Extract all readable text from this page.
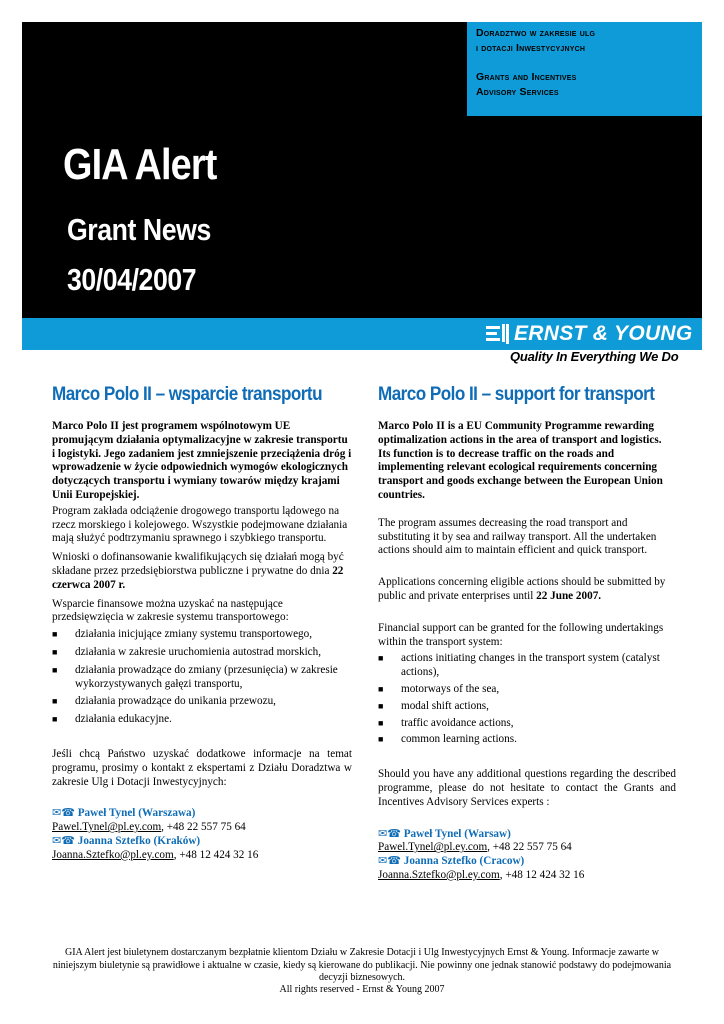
Doradztwo w zakresie ulg
i dotacji Inwestycyjnych
Grants and Incentives
Advisory Services
GIA Alert
Grant News
30/04/2007
ERNST & YOUNG
Quality In Everything We Do
Marco Polo II – wsparcie transportu

Marco Polo II jest programem wspólnotowym UE promującym działania optymalizacyjne w zakresie transportu i logistyki. Jego zadaniem jest zmniejszenie przeciążenia dróg i wprowadzenie w życie odpowiednich wymogów ekologicznych dotyczących transportu i wymiany towarów między krajami Unii Europejskiej.

Program zakłada odciążenie drogowego transportu lądowego na rzecz morskiego i kolejowego. Wszystkie podejmowane działania mają służyć podtrzymaniu sprawnego i szybkiego transportu.

Wnioski o dofinansowanie kwalifikujących się działań mogą być składane przez przedsiębiorstwa publiczne i prywatne do dnia 22 czerwca 2007 r.

Wsparcie finansowe można uzyskać na następujące przedsięwzięcia w zakresie systemu transportowego:

■ działania inicjujące zmiany systemu transportowego,
■ działania w zakresie uruchomienia autostrad morskich,
■ działania prowadzące do zmiany (przesunięcia) w zakresie wykorzystywanych gałęzi transportu,
■ działania prowadzące do unikania przewozu,
■ działania edukacyjne.

Jeśli chcą Państwo uzyskać dodatkowe informacje na temat programu, prosimy o kontakt z ekspertami z Działu Doradztwa w zakresie Ulg i Dotacji Inwestycyjnych:

✉☎ Paweł Tynel (Warszawa)
Pawel.Tynel@pl.ey.com, +48 22 557 75 64
✉☎ Joanna Sztefko (Kraków)
Joanna.Sztefko@pl.ey.com, +48 12 424 32 16
Marco Polo II – support for transport

Marco Polo II is a EU Community Programme rewarding optimalization actions in the area of transport and logistics. Its function is to decrease traffic on the roads and implementing relevant ecological requirements concerning transport and goods exchange between the European Union countries.

The program assumes decreasing the road transport and substituting it by sea and railway transport. All the undertaken actions should aim to maintain efficient and quick transport.

Applications concerning eligible actions should be submitted by public and private enterprises until 22 June 2007.

Financial support can be granted for the following undertakings within the transport system:

■ actions initiating changes in the transport system (catalyst actions),
■ motorways of the sea,
■ modal shift actions,
■ traffic avoidance actions,
■ common learning actions.

Should you have any additional questions regarding the described programme, please do not hesitate to contact the Grants and Incentives Advisory Services experts :

✉☎ Paweł Tynel (Warsaw)
Pawel.Tynel@pl.ey.com, +48 22 557 75 64
✉☎ Joanna Sztefko (Cracow)
Joanna.Sztefko@pl.ey.com, +48 12 424 32 16
GIA Alert jest biuletynem dostarczanym bezpłatnie klientom Działu w Zakresie Dotacji i Ulg Inwestycyjnych Ernst & Young. Informacje zawarte w niniejszym biuletynie są prawidłowe i aktualne w czasie, kiedy są kierowane do publikacji. Nie powinny one jednak stanowić podstawy do podejmowania decyzji biznesowych.
All rights reserved - Ernst & Young 2007
